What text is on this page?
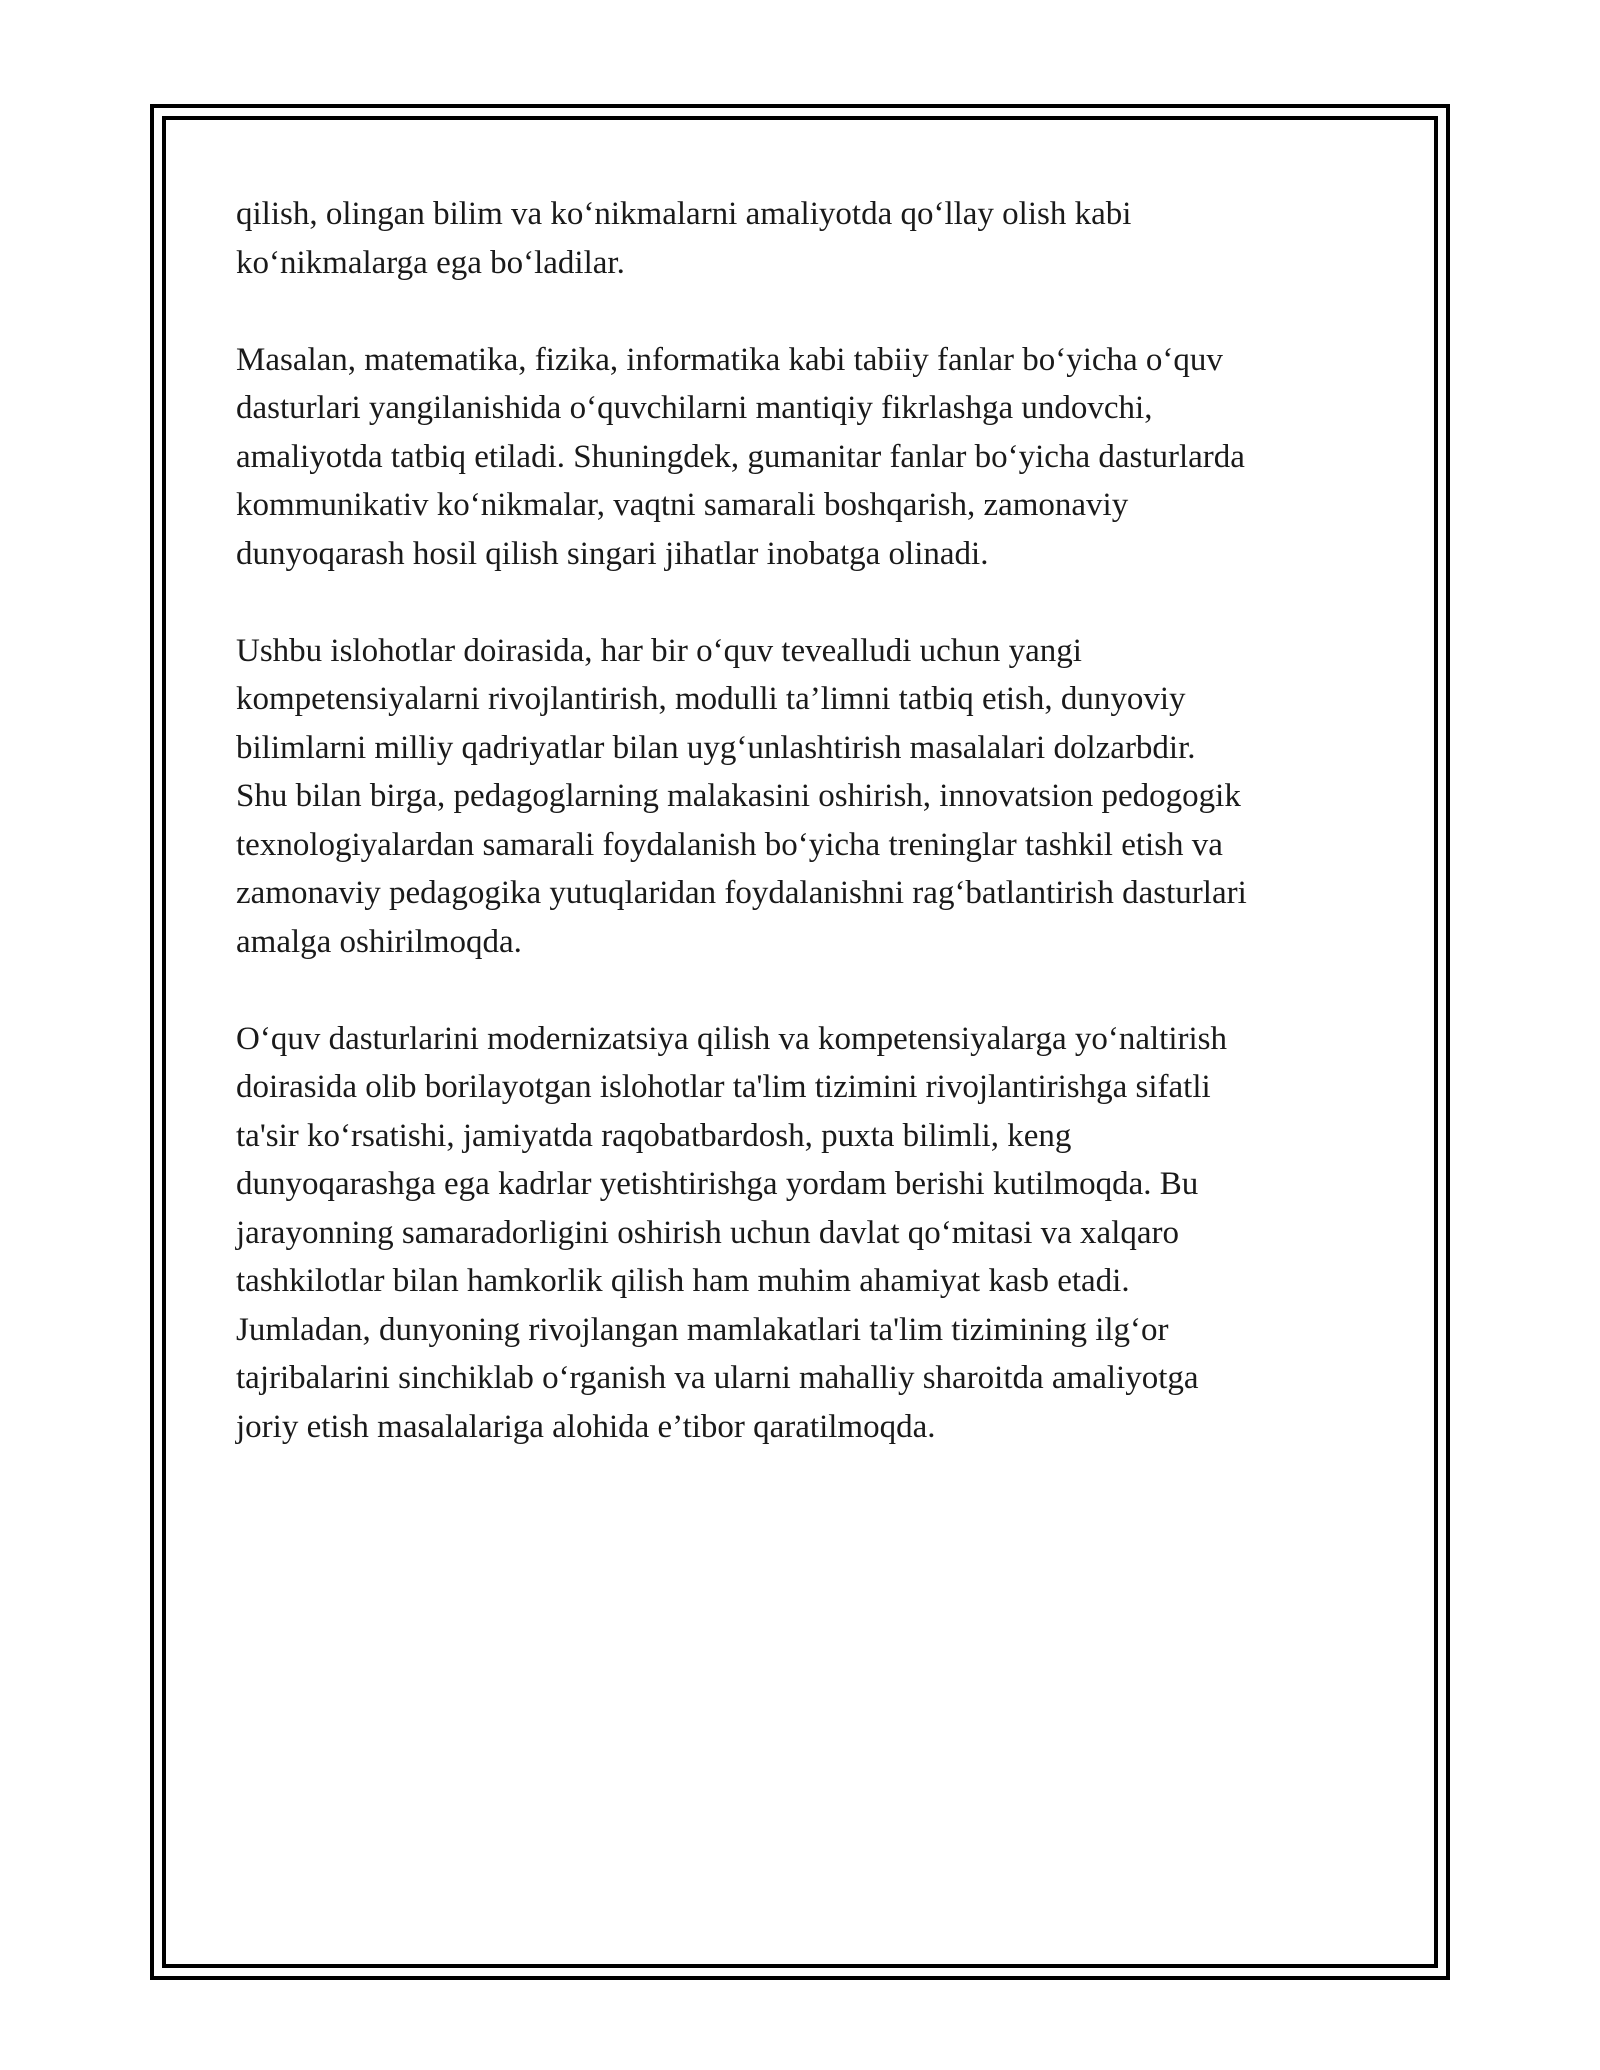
qilish, olingan bilim va ko‘nikmalarni amaliyotda qo‘llay olish kabi
ko‘nikmalarga ega bo‘ladilar.

Masalan, matematika, fizika, informatika kabi tabiiy fanlar bo‘yicha o‘quv
dasturlari yangilanishida o‘quvchilarni mantiqiy fikrlashga undovchi,
amaliyotda tatbiq etiladi. Shuningdek, gumanitar fanlar bo‘yicha dasturlarda
kommunikativ ko‘nikmalar, vaqtni samarali boshqarish, zamonaviy
dunyoqarash hosil qilish singari jihatlar inobatga olinadi.

Ushbu islohotlar doirasida, har bir o‘quv tevealludi uchun yangi
kompetensiyalarni rivojlantirish, modulli ta’limni tatbiq etish, dunyoviy
bilimlarni milliy qadriyatlar bilan uyg‘unlashtirish masalalari dolzarbdir.
Shu bilan birga, pedagoglarning malakasini oshirish, innovatsion pedogogik
texnologiyalardan samarali foydalanish bo‘yicha treninglar tashkil etish va
zamonaviy pedagogika yutuqlaridan foydalanishni rag‘batlantirish dasturlari
amalga oshirilmoqda.

O‘quv dasturlarini modernizatsiya qilish va kompetensiyalarga yo‘naltirish
doirasida olib borilayotgan islohotlar ta'lim tizimini rivojlantirishga sifatli
ta'sir ko‘rsatishi, jamiyatda raqobatbardosh, puxta bilimli, keng
dunyoqarashga ega kadrlar yetishtirishga yordam berishi kutilmoqda. Bu
jarayonning samaradorligini oshirish uchun davlat qo‘mitasi va xalqaro
tashkilotlar bilan hamkorlik qilish ham muhim ahamiyat kasb etadi.
Jumladan, dunyoning rivojlangan mamlakatlari ta'lim tizimining ilg‘or
tajribalarini sinchiklab o‘rganish va ularni mahalliy sharoitda amaliyotga
joriy etish masalalariga alohida e’tibor qaratilmoqda.
